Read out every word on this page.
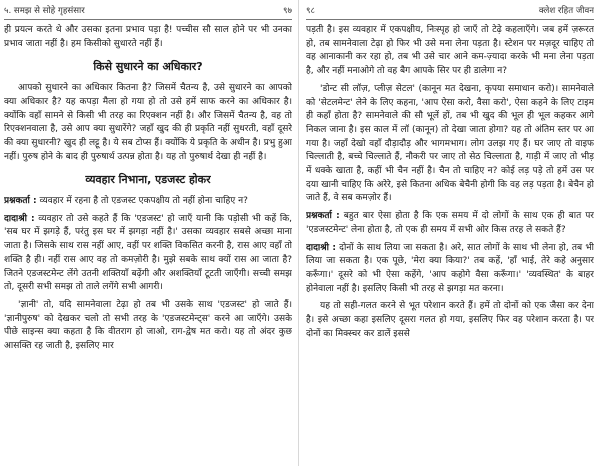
५. समझ से सोहे गृहसंसार	९७

ही प्रयत्न करते थे और उसका इतना प्रभाव पड़ा है! पच्चीस सौ साल होने पर भी उनका प्रभाव जाता नहीं है। हम किसीको सुधारते नहीं हैं।

किसे सुधारने का अधिकार?

आपको सुधारने का अधिकार कितना है? जिसमें चैतन्य है, उसे सुधारने का आपको क्या अधिकार है? यह कपड़ा मैला हो गया हो तो उसे हमें साफ करने का अधिकार है। क्योंकि वहाँ सामने से किसी भी तरह का रिएक्शन नहीं है। और जिसमें चैतन्य है, वह तो रिएक्शनवाला है, उसे आप क्या सुधारेंगे? जहाँ खुद की ही प्रकृति नहीं सुधरती, वहाँ दूसरे की क्या सुधारनी? खुद ही लट्टू है। ये सब टोप्स हैं। क्योंकि ये प्रकृति के अधीन है। प्रभु हुआ नहीं। पुरुष होने के बाद ही पुरुषार्थ उत्पन्न होता है। यह तो पुरुषार्थ देखा ही नहीं है।

व्यवहार निभाना, एडजस्ट होकर

प्रश्नकर्ता : व्यवहार में रहना है तो एडजस्ट एकपक्षीय तो नहीं होना चाहिए न?

दादाश्री : व्यवहार तो उसे कहते हैं कि 'एडजस्ट' हो जाएँ यानी कि पड़ोसी भी कहें कि, 'सब घर में झगड़े हैं, परंतु इस घर में झगड़ा नहीं है।' उसका व्यवहार सबसे अच्छा माना जाता है। जिसके साथ रास नहीं आए, वहीं पर शक्ति विकसित करनी है, रास आए वहाँ तो शक्ति है ही। नहीं रास आए वह तो कमज़ोरी है। मुझे सबके साथ क्यों रास आ जाता है? जितने एडजस्टमेन्ट लेंगे उतनी शक्तियाँ बढ़ेंगी और अशक्तियाँ टूटती जाएँगी। सच्ची समझ तो, दूसरी सभी समझ तो ताले लगेंगे सभी आगरी।

'ज्ञानी' तो, यदि सामनेवाला टेढ़ा हो तब भी उसके साथ 'एडजस्ट' हो जाते हैं। 'ज्ञानीपुरुष' को देखकर चलो तो सभी तरह के 'एडजस्टमेन्ट्स' करने आ जाएँगे। उसके पीछे साइन्स क्या कहता है कि वीतराग हो जाओ, राग-द्वेष मत करो। यह तो अंदर कुछ आसक्ति रह जाती है, इसलिए मार

९८	क्लेश रहित जीवन

पड़ती है। इस व्यवहार में एकपक्षीय, निःस्पृह हो जाएँ तो टेढ़े कहलाएँगे। जब हमें ज़रूरत हो, तब सामनेवाला टेढ़ा हो फिर भी उसे मना लेना पड़ता है। स्टेशन पर मज़दूर चाहिए तो वह आनाकानी कर रहा हो, तब भी उसे चार आने कम-ज़्यादा करके भी मना लेना पड़ता है, और नहीं मनाओगे तो वह बैग आपके सिर पर ही डालेगा न?

'डोन्ट सी लॉज़, प्लीज़ सेटल' (कानून मत देखना, कृपया समाधान करो)। सामनेवाले को 'सेटलमेन्ट' लेने के लिए कहना, 'आप ऐसा करो, वैसा करो', ऐसा कहने के लिए टाइम ही कहाँ होता है? सामनेवाले की सौ भूलें हों, तब भी खुद की भूल ही भूल कहकर आगे निकल जाना है। इस काल में लॉ (कानून) तो देखा जाता होगा? यह तो अंतिम स्तर पर आ गया है। जहाँ देखो वहाँ दौड़ादौड़ और भागमभाग। लोग उलझ गए हैं। घर जाए तो वाइफ चिल्लाती है, बच्चे चिल्लाते हैं, नौकरी पर जाए तो सेठ चिल्लाता है, गाड़ी में जाए तो भीड़ में धक्के खाता है, कहीं भी चैन नहीं है। चैन तो चाहिए न? कोई लड़ पड़े तो हमें उस पर दया खानी चाहिए कि अरेरे, इसे कितना अधिक बेचैनी होगी कि वह लड़ पड़ता है। बेचैन हो जाते हैं, वे सब कमज़ोर हैं।

प्रश्नकर्ता : बहुत बार ऐसा होता है कि एक समय में दो लोगों के साथ एक ही बात पर 'एडजस्टमेन्ट' लेना होता है, तो एक ही समय में सभी ओर किस तरह ले सकते हैं?

दादाश्री : दोनों के साथ लिया जा सकता है। अरे, सात लोगों के साथ भी लेना हो, तब भी लिया जा सकता है। एक पूछे, 'मेरा क्या किया?' तब कहें, 'हाँ भाई, तेरे कहे अनुसार करूँगा।' दूसरे को भी ऐसा कहेंगे, 'आप कहोगे वैसा करूँगा।' 'व्यवस्थित' के बाहर होनेवाला नहीं है। इसलिए किसी भी तरह से झगड़ा मत करना।

यह तो सही-गलत करने से भूत परेशान करते हैं। हमें तो दोनों को एक जैसा कर देना है। इसे अच्छा कहा इसलिए दूसरा गलत हो गया, इसलिए फिर वह परेशान करता है। पर दोनों का मिक्स्चर कर डालें इससे
